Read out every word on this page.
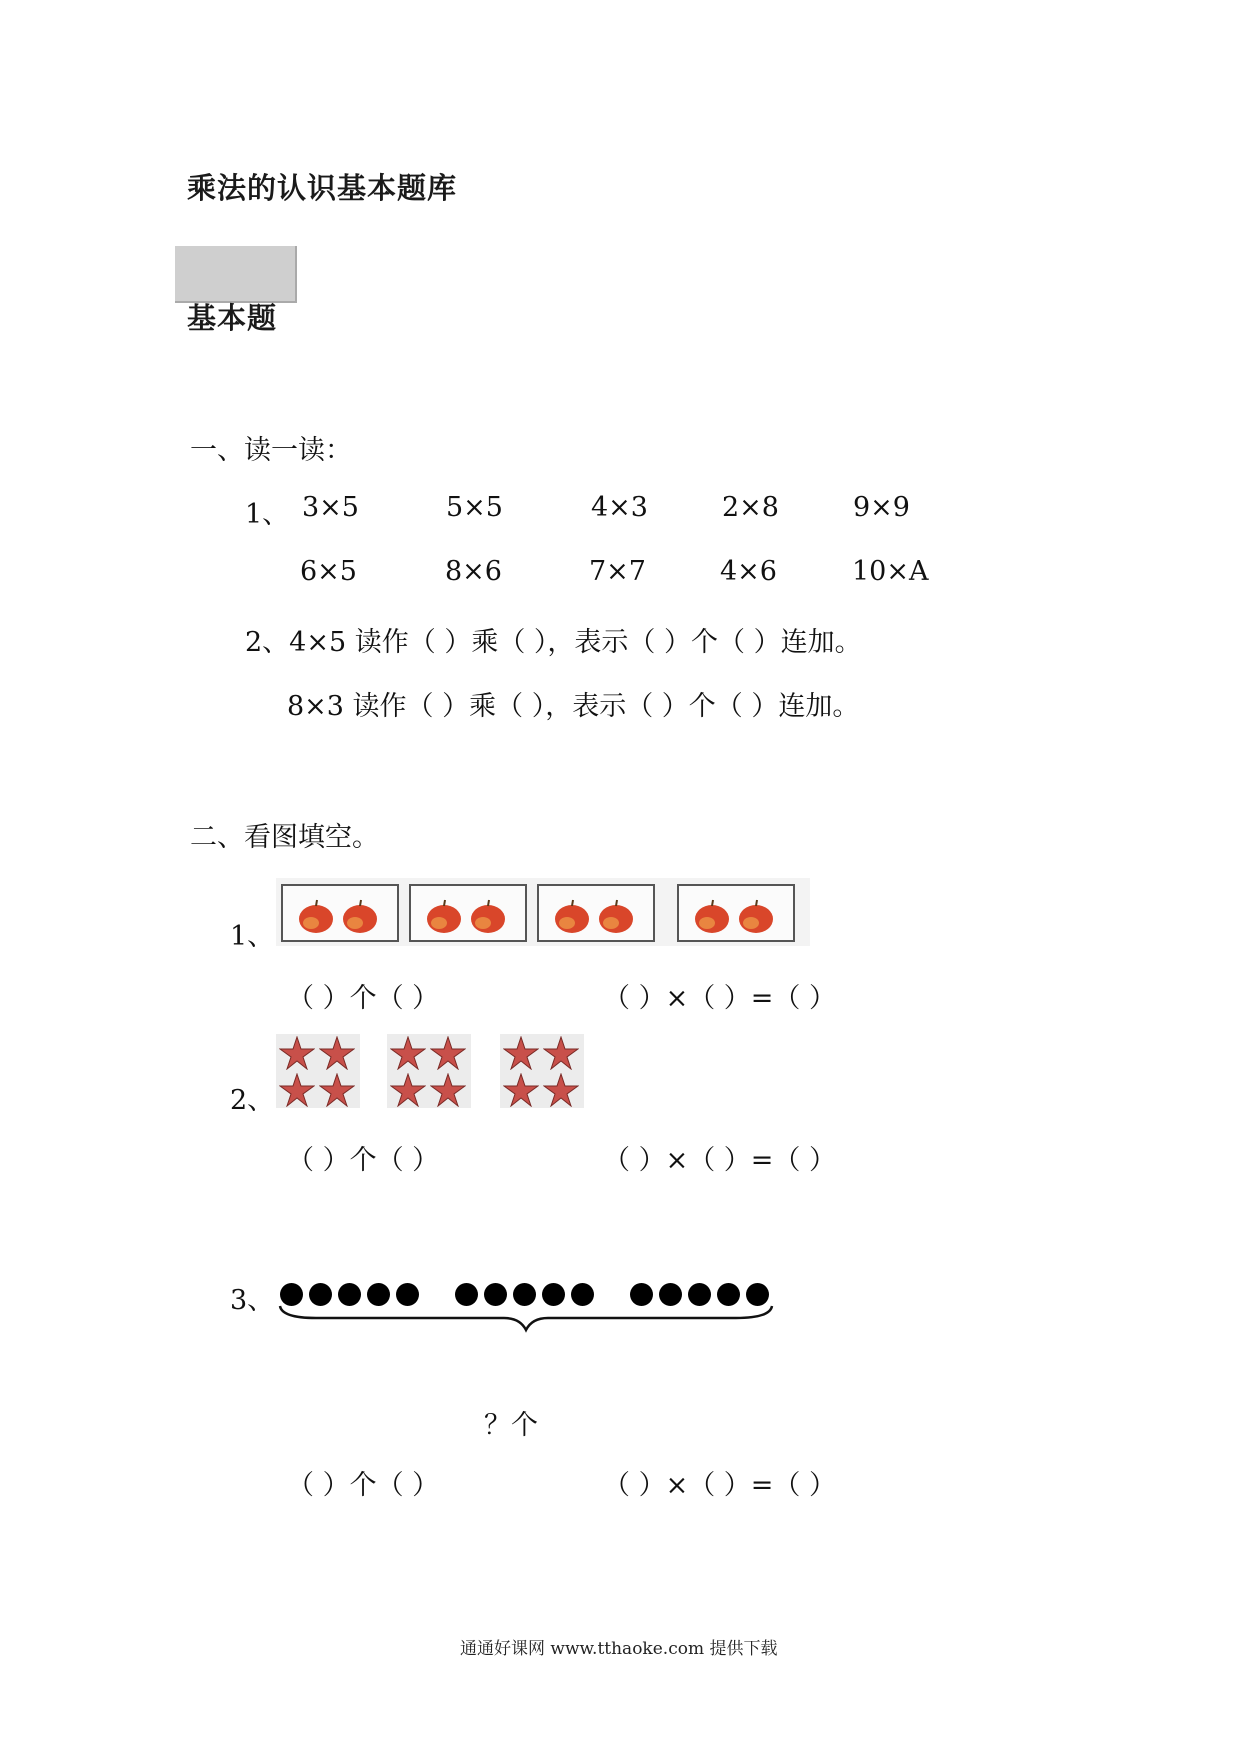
乘法的认识基本题库
基本题
一、读一读：
1、 3×5	5×5	4×3	2×8	9×9
6×5	8×6	7×7	4×6	10×A
2、4×5 读作（ ）乘（ ），表示（ ）个（ ）连加。
8×3 读作（ ）乘（ ），表示（ ）个（ ）连加。
二、看图填空。
1、
（ ）个（ ）	（ ）×（ ）=（ ）
2、
（ ）个（ ）	（ ）×（ ）=（ ）
3、
？个
（ ）个（ ）	（ ）×（ ）=（ ）
通通好课网 www.tthaoke.com 提供下载
